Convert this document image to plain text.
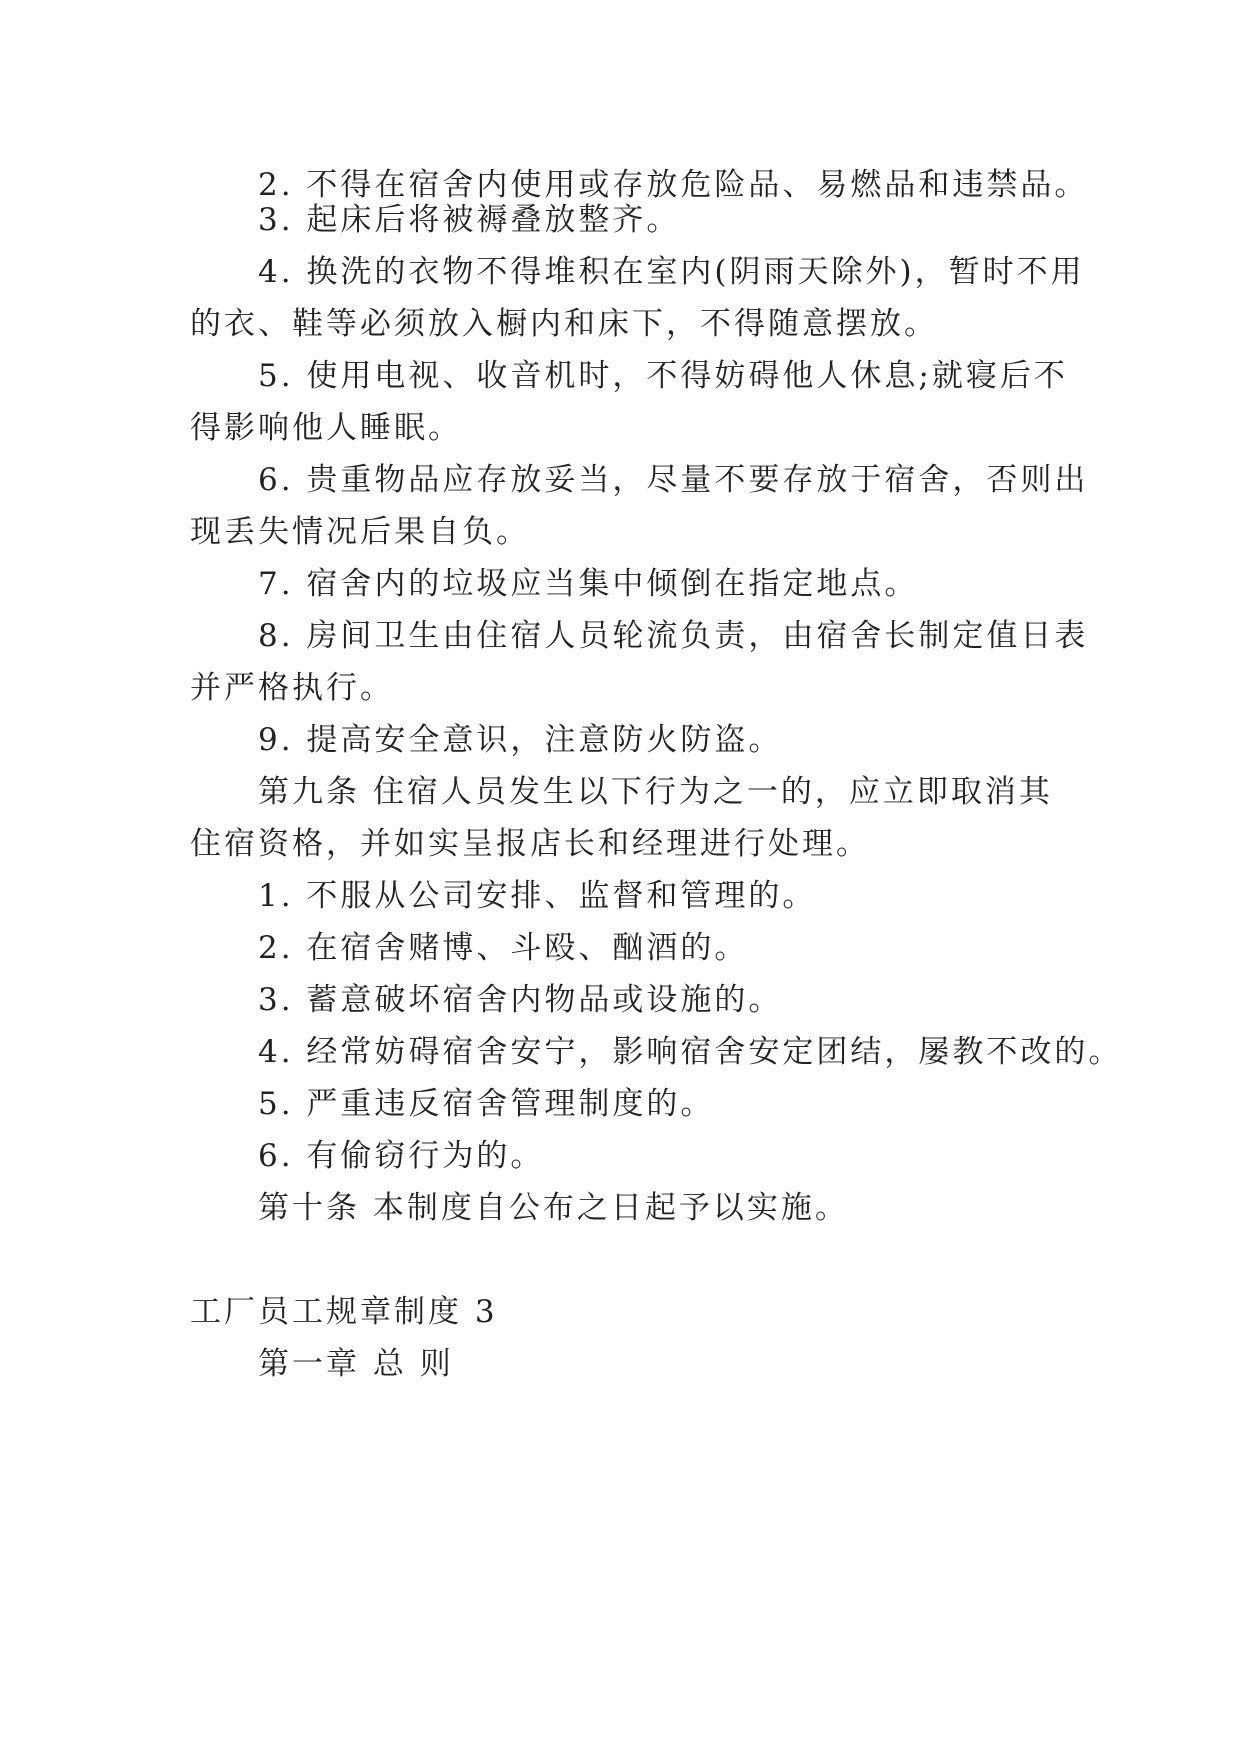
2. 不得在宿舍内使用或存放危险品、易燃品和违禁品。
3. 起床后将被褥叠放整齐。
4. 换洗的衣物不得堆积在室内(阴雨天除外)，暂时不用
的衣、鞋等必须放入橱内和床下，不得随意摆放。
5. 使用电视、收音机时，不得妨碍他人休息;就寝后不
得影响他人睡眠。
6. 贵重物品应存放妥当，尽量不要存放于宿舍，否则出
现丢失情况后果自负。
7. 宿舍内的垃圾应当集中倾倒在指定地点。
8. 房间卫生由住宿人员轮流负责，由宿舍长制定值日表
并严格执行。
9. 提高安全意识，注意防火防盗。
第九条 住宿人员发生以下行为之一的，应立即取消其
住宿资格，并如实呈报店长和经理进行处理。
1. 不服从公司安排、监督和管理的。
2. 在宿舍赌博、斗殴、酗酒的。
3. 蓄意破坏宿舍内物品或设施的。
4. 经常妨碍宿舍安宁，影响宿舍安定团结，屡教不改的。
5. 严重违反宿舍管理制度的。
6. 有偷窃行为的。
第十条 本制度自公布之日起予以实施。
工厂员工规章制度 3
第一章 总 则
